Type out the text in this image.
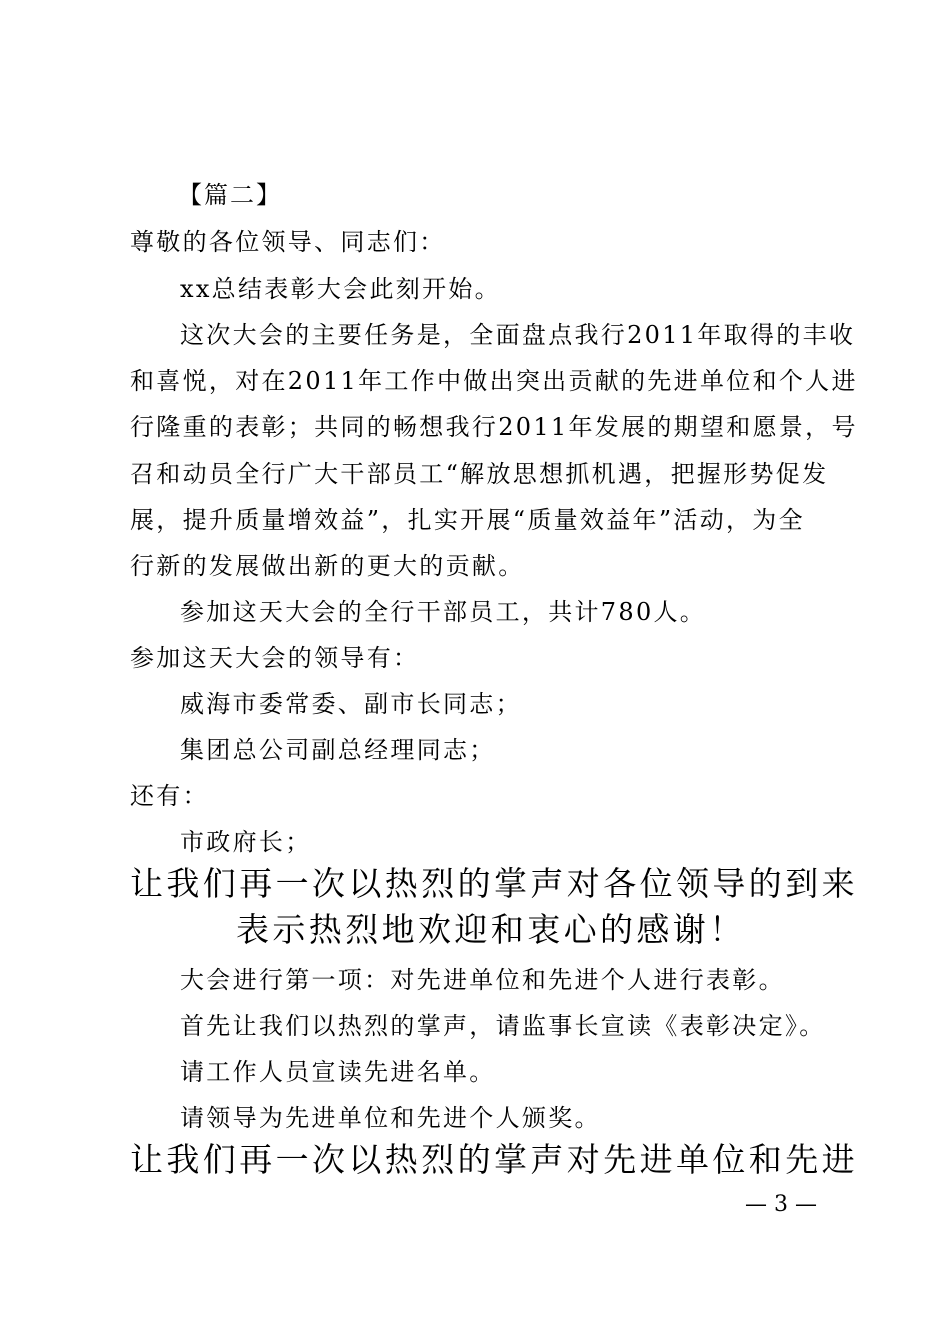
【篇二】
尊敬的各位领导、同志们：
xx总结表彰大会此刻开始。
这次大会的主要任务是，全面盘点我行2011年取得的丰收
和喜悦，对在2011年工作中做出突出贡献的先进单位和个人进
行隆重的表彰；共同的畅想我行2011年发展的期望和愿景，号
召和动员全行广大干部员工“解放思想抓机遇，把握形势促发
展，提升质量增效益”，扎实开展“质量效益年”活动，为全
行新的发展做出新的更大的贡献。
参加这天大会的全行干部员工，共计780人。
参加这天大会的领导有：
威海市委常委、副市长同志；
集团总公司副总经理同志；
还有：
市政府长；
让我们再一次以热烈的掌声对各位领导的到来
表示热烈地欢迎和衷心的感谢！
大会进行第一项：对先进单位和先进个人进行表彰。
首先让我们以热烈的掌声，请监事长宣读《表彰决定》。
请工作人员宣读先进名单。
请领导为先进单位和先进个人颁奖。
让我们再一次以热烈的掌声对先进单位和先进
— 3 —
